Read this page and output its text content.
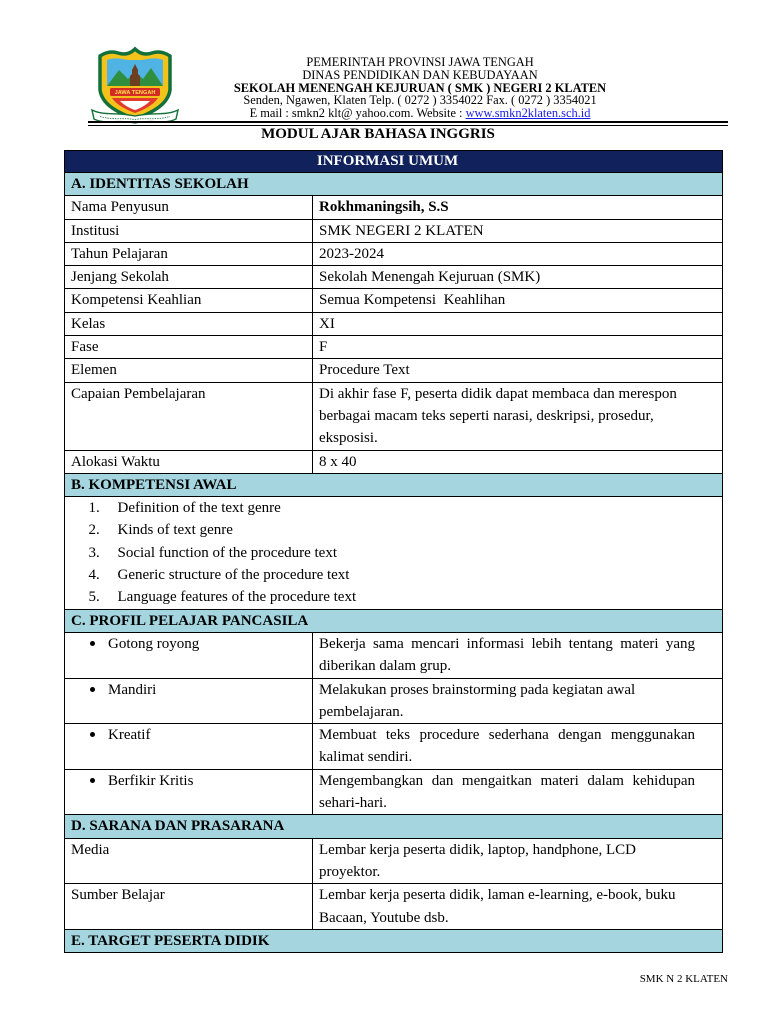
JAWA TENGAH
PEMERINTAH PROVINSI JAWA TENGAH
DINAS PENDIDIKAN DAN KEBUDAYAAN
SEKOLAH MENENGAH KEJURUAN ( SMK ) NEGERI 2 KLATEN
Senden, Ngawen, Klaten Telp. ( 0272 ) 3354022 Fax. ( 0272 ) 3354021
E mail : smkn2 klt@ yahoo.com. Website : www.smkn2klaten.sch.id
MODUL AJAR BAHASA INGGRIS
INFORMASI UMUM	
A. IDENTITAS SEKOLAH	
Nama Penyusun	Rokhmaningsih, S.S
Institusi	SMK NEGERI 2 KLATEN
Tahun Pelajaran	2023-2024
Jenjang Sekolah	Sekolah Menengah Kejuruan (SMK)
Kompetensi Keahlian	Semua Kompetensi  Keahlihan
Kelas	XI
Fase	F
Elemen	Procedure Text
Capaian Pembelajaran	Di akhir fase F, peserta didik dapat membaca dan merespon berbagai macam teks seperti narasi, deskripsi, prosedur, eksposisi.
Alokasi Waktu	8 x 40
B. KOMPETENSI AWAL	

1. Definition of the text genre
2. Kinds of text genre
3. Social function of the procedure text
4. Generic structure of the procedure text
5. Language features of the procedure text	

C. PROFIL PELAJAR PANCASILA	
Gotong royong	Bekerja sama mencari informasi lebih tentang materi yang diberikan dalam grup.
Mandiri	Melakukan proses brainstorming pada kegiatan awal pembelajaran.
Kreatif	Membuat teks procedure sederhana dengan menggunakan kalimat sendiri.
Berfikir Kritis	Mengembangkan dan mengaitkan materi dalam kehidupan sehari-hari.
D. SARANA DAN PRASARANA	
Media	Lembar kerja peserta didik, laptop, handphone, LCD proyektor.
Sumber Belajar	Lembar kerja peserta didik, laman e-learning, e-book, buku Bacaan, Youtube dsb.
E. TARGET PESERTA DIDIK	
SMK N 2 KLATEN
